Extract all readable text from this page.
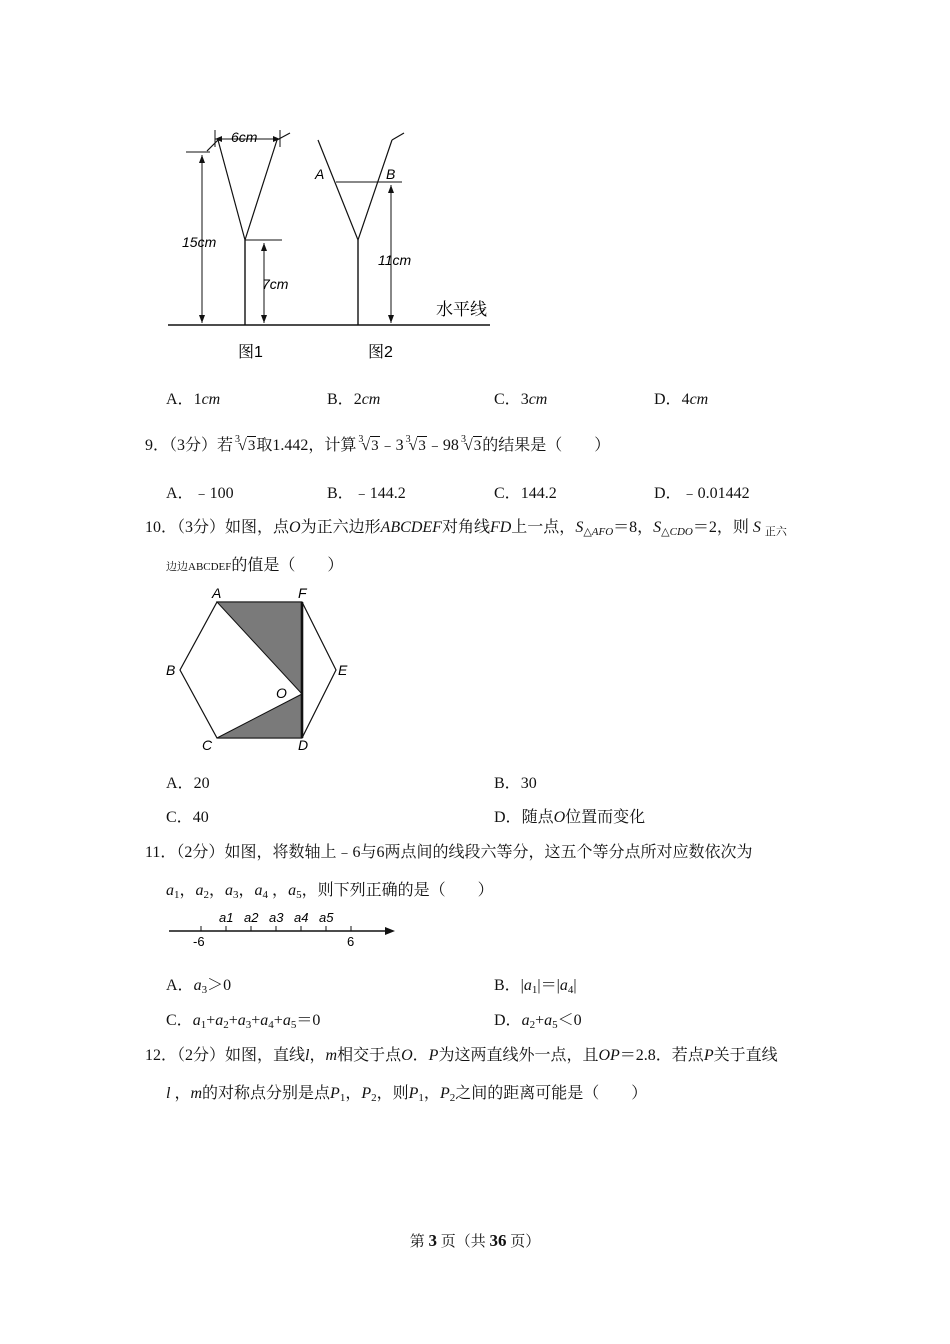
6cm
15cm
7cm
11cm
A	B
水平线
图1	图2
A．1cm	B．2cm	C．3cm	D．4cm
9．（3分）若 $^3$√3取1.442，计算 $^3$√3﹣3 $^3$√3﹣98 $^3$√3的结果是（　　）
A．﹣100	B．﹣144.2	C．144.2	D．﹣0.01442
10．（3分）如图，点O为正六边形ABCDEF对角线FD上一点，$S_{\triangle AFO}=8$，$S_{\triangle CDO}=2$，则 S $_{正六}$
边边ABCDEF的值是（　　）
A	F
B	E
O
C	D
A．20	B．30
C．40	D．随点O位置而变化
11．（2分）如图，将数轴上﹣6与6两点间的线段六等分，这五个等分点所对应数依次为
$a_1$，$a_2$，$a_3$，$a_4$ ，$a_5$，则下列正确的是（　　）
-6	6
a1 a2 a3 a4 a5
A．$a_3>0$	B．$|a_1|=|a_4|$
C．$a_1+a_2+a_3+a_4+a_5=0$	D．$a_2+a_5<0$
12．（2分）如图，直线l，m相交于点O．P为这两直线外一点，且OP＝2.8．若点P关于直线
l ，m的对称点分别是点$P_1$，$P_2$，则$P_1$，$P_2$之间的距离可能是（　　）
第 3 页（共 36 页）
